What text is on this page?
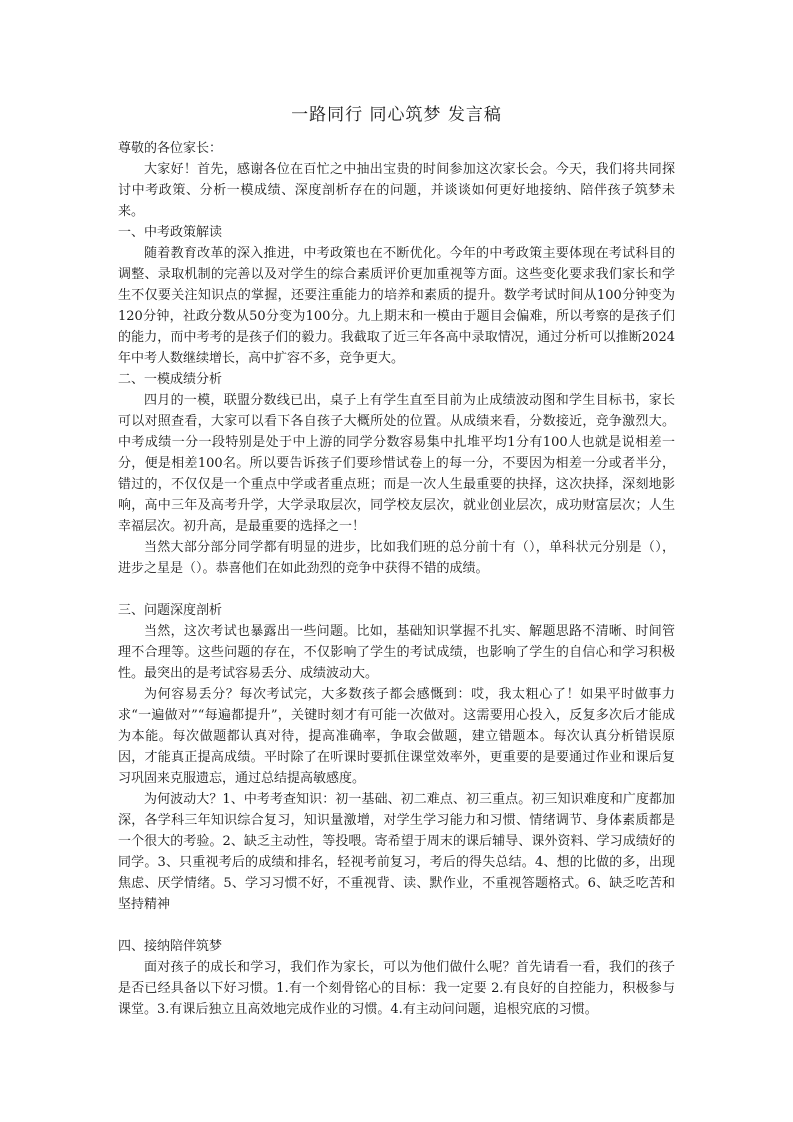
一路同行 同心筑梦 发言稿

尊敬的各位家长：

大家好！首先，感谢各位在百忙之中抽出宝贵的时间参加这次家长会。今天，我们将共同探讨中考政策、分析一模成绩、深度剖析存在的问题，并谈谈如何更好地接纳、陪伴孩子筑梦未来。

一、中考政策解读

随着教育改革的深入推进，中考政策也在不断优化。今年的中考政策主要体现在考试科目的调整、录取机制的完善以及对学生的综合素质评价更加重视等方面。这些变化要求我们家长和学生不仅要关注知识点的掌握，还要注重能力的培养和素质的提升。数学考试时间从100分钟变为120分钟，社政分数从50分变为100分。九上期末和一模由于题目会偏难，所以考察的是孩子们的能力，而中考考的是孩子们的毅力。我截取了近三年各高中录取情况，通过分析可以推断2024年中考人数继续增长，高中扩容不多，竞争更大。

二、一模成绩分析

四月的一模，联盟分数线已出，桌子上有学生直至目前为止成绩波动图和学生目标书，家长可以对照查看，大家可以看下各自孩子大概所处的位置。从成绩来看，分数接近，竞争激烈大。中考成绩一分一段特别是处于中上游的同学分数容易集中扎堆平均1分有100人也就是说相差一分，便是相差100名。所以要告诉孩子们要珍惜试卷上的每一分，不要因为相差一分或者半分，错过的，不仅仅是一个重点中学或者重点班；而是一次人生最重要的抉择，这次抉择，深刻地影响，高中三年及高考升学，大学录取层次，同学校友层次，就业创业层次，成功财富层次；人生幸福层次。初升高，是最重要的选择之一！

当然大部分部分同学都有明显的进步，比如我们班的总分前十有（），单科状元分别是（），进步之星是（）。恭喜他们在如此劲烈的竞争中获得不错的成绩。

三、问题深度剖析

当然，这次考试也暴露出一些问题。比如，基础知识掌握不扎实、解题思路不清晰、时间管理不合理等。这些问题的存在，不仅影响了学生的考试成绩，也影响了学生的自信心和学习积极性。最突出的是考试容易丢分、成绩波动大。

为何容易丢分？每次考试完，大多数孩子都会感慨到：哎，我太粗心了！如果平时做事力求“一遍做对”“每遍都提升”，关键时刻才有可能一次做对。这需要用心投入，反复多次后才能成为本能。每次做题都认真对待，提高准确率，争取会做题，建立错题本。每次认真分析错误原因，才能真正提高成绩。平时除了在听课时要抓住课堂效率外，更重要的是要通过作业和课后复习巩固来克服遗忘，通过总结提高敏感度。

为何波动大？1、中考考查知识：初一基础、初二难点、初三重点。初三知识难度和广度都加深，各学科三年知识综合复习，知识量激增，对学生学习能力和习惯、情绪调节、身体素质都是一个很大的考验。2、缺乏主动性，等投喂。寄希望于周末的课后辅导、课外资料、学习成绩好的同学。3、只重视考后的成绩和排名，轻视考前复习，考后的得失总结。4、想的比做的多，出现焦虑、厌学情绪。5、学习习惯不好，不重视背、读、默作业，不重视答题格式。6、缺乏吃苦和坚持精神

四、接纳陪伴筑梦

面对孩子的成长和学习，我们作为家长，可以为他们做什么呢？首先请看一看，我们的孩子是否已经具备以下好习惯。1.有一个刻骨铭心的目标：我一定要 2.有良好的自控能力，积极参与课堂。3.有课后独立且高效地完成作业的习惯。4.有主动问问题，追根究底的习惯。
